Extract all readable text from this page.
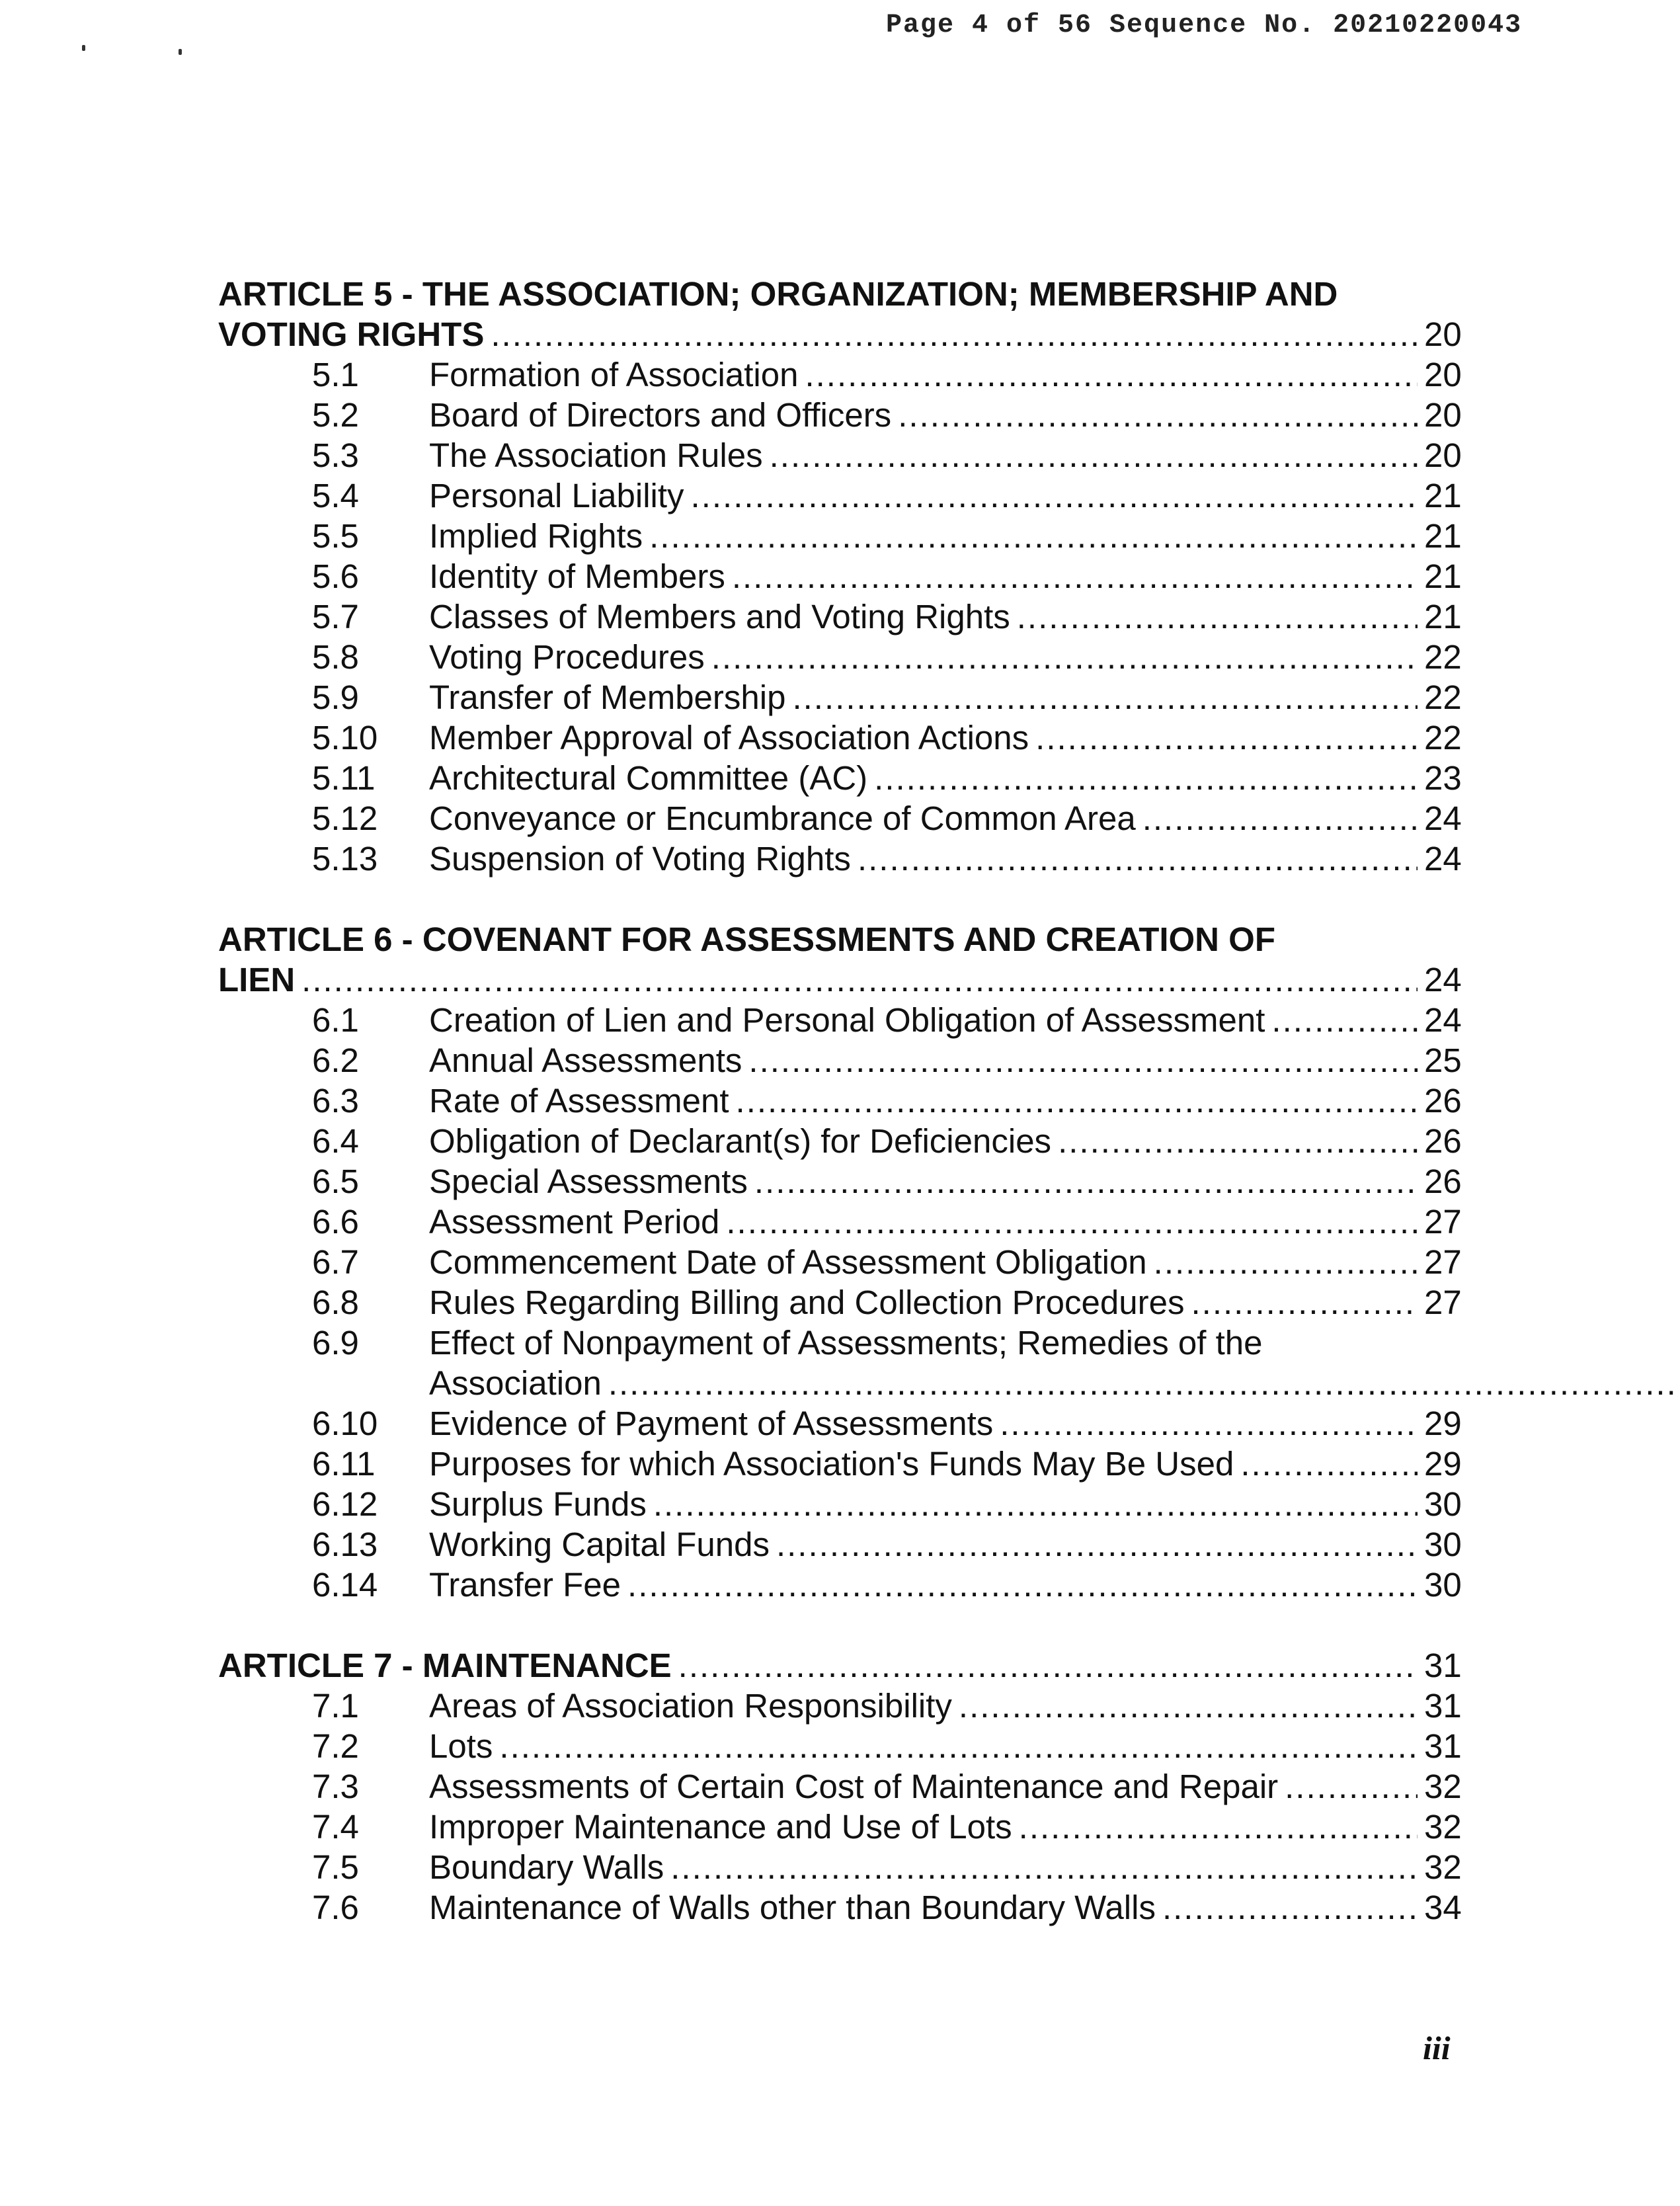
Page 4 of 56 Sequence No. 20210220043
ARTICLE 5 - THE ASSOCIATION; ORGANIZATION; MEMBERSHIP AND
VOTING RIGHTS .....	20
5.1	Formation of Association .....	20
5.2	Board of Directors and Officers .....	20
5.3	The Association Rules .....	20
5.4	Personal Liability .....	21
5.5	Implied Rights .....	21
5.6	Identity of Members .....	21
5.7	Classes of Members and Voting Rights .....	21
5.8	Voting Procedures .....	22
5.9	Transfer of Membership .....	22
5.10	Member Approval of Association Actions .....	22
5.11	Architectural Committee (AC) .....	23
5.12	Conveyance or Encumbrance of Common Area .....	24
5.13	Suspension of Voting Rights .....	24
ARTICLE 6 - COVENANT FOR ASSESSMENTS AND CREATION OF
LIEN .....	24
6.1	Creation of Lien and Personal Obligation of Assessment .....	24
6.2	Annual Assessments .....	25
6.3	Rate of Assessment .....	26
6.4	Obligation of Declarant(s) for Deficiencies .....	26
6.5	Special Assessments .....	26
6.6	Assessment Period .....	27
6.7	Commencement Date of Assessment Obligation .....	27
6.8	Rules Regarding Billing and Collection Procedures .....	27
6.9	Effect of Nonpayment of Assessments; Remedies of the
Association
.....
6.10	Evidence of Payment of Assessments .....	29
6.11	Purposes for which Association's Funds May Be Used .....	29
6.12	Surplus Funds .....	30
6.13	Working Capital Funds .....	30
6.14	Transfer Fee .....	30
ARTICLE 7 - MAINTENANCE .....	31
7.1	Areas of Association Responsibility .....	31
7.2	Lots .....	31
7.3	Assessments of Certain Cost of Maintenance and Repair .....	32
7.4	Improper Maintenance and Use of Lots .....	32
7.5	Boundary Walls .....	32
7.6	Maintenance of Walls other than Boundary Walls .....	34
iii
